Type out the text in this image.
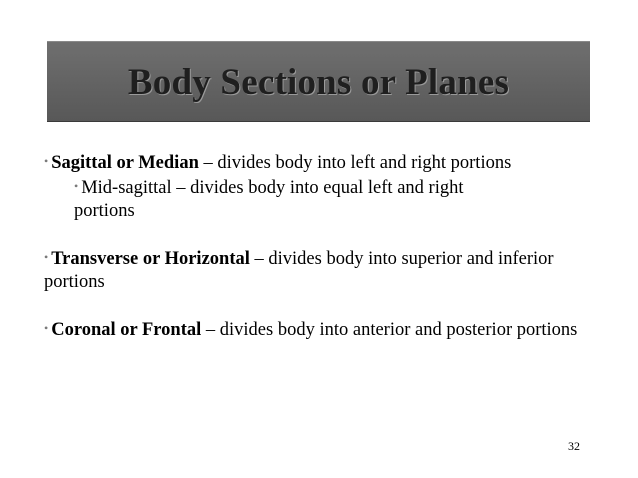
Body Sections or Planes

• Sagittal or Median – divides body into left and right portions

• Mid-sagittal – divides body into equal left and right
portions

• Transverse or Horizontal – divides body into superior and inferior portions

• Coronal or Frontal – divides body into anterior and posterior portions

32
